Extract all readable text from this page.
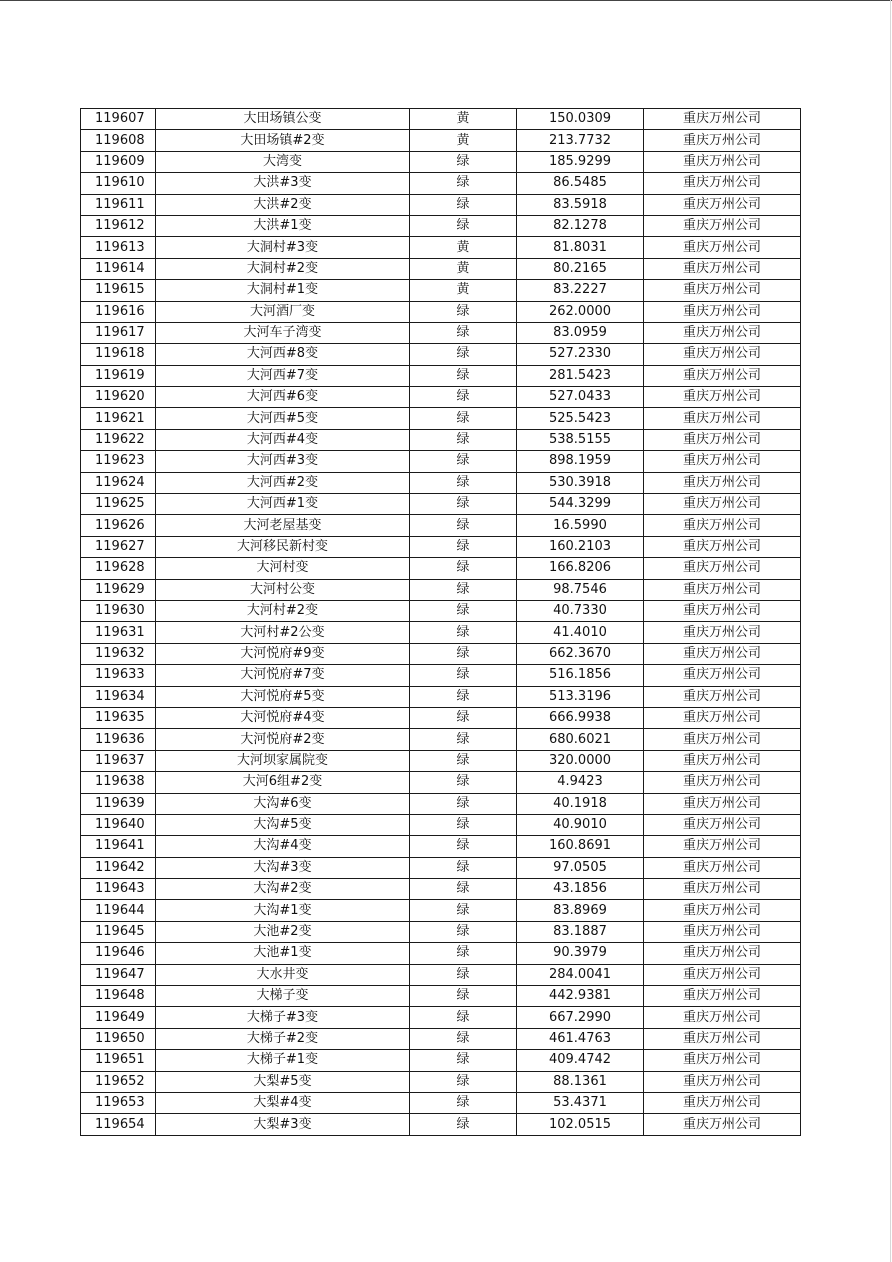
119607	大田场镇公变	黄	150.0309	重庆万州公司
119608	大田场镇#2变	黄	213.7732	重庆万州公司
119609	大湾变	绿	185.9299	重庆万州公司
119610	大洪#3变	绿	86.5485	重庆万州公司
119611	大洪#2变	绿	83.5918	重庆万州公司
119612	大洪#1变	绿	82.1278	重庆万州公司
119613	大洞村#3变	黄	81.8031	重庆万州公司
119614	大洞村#2变	黄	80.2165	重庆万州公司
119615	大洞村#1变	黄	83.2227	重庆万州公司
119616	大河酒厂变	绿	262.0000	重庆万州公司
119617	大河车子湾变	绿	83.0959	重庆万州公司
119618	大河西#8变	绿	527.2330	重庆万州公司
119619	大河西#7变	绿	281.5423	重庆万州公司
119620	大河西#6变	绿	527.0433	重庆万州公司
119621	大河西#5变	绿	525.5423	重庆万州公司
119622	大河西#4变	绿	538.5155	重庆万州公司
119623	大河西#3变	绿	898.1959	重庆万州公司
119624	大河西#2变	绿	530.3918	重庆万州公司
119625	大河西#1变	绿	544.3299	重庆万州公司
119626	大河老屋基变	绿	16.5990	重庆万州公司
119627	大河移民新村变	绿	160.2103	重庆万州公司
119628	大河村变	绿	166.8206	重庆万州公司
119629	大河村公变	绿	98.7546	重庆万州公司
119630	大河村#2变	绿	40.7330	重庆万州公司
119631	大河村#2公变	绿	41.4010	重庆万州公司
119632	大河悦府#9变	绿	662.3670	重庆万州公司
119633	大河悦府#7变	绿	516.1856	重庆万州公司
119634	大河悦府#5变	绿	513.3196	重庆万州公司
119635	大河悦府#4变	绿	666.9938	重庆万州公司
119636	大河悦府#2变	绿	680.6021	重庆万州公司
119637	大河坝家属院变	绿	320.0000	重庆万州公司
119638	大河6组#2变	绿	4.9423	重庆万州公司
119639	大沟#6变	绿	40.1918	重庆万州公司
119640	大沟#5变	绿	40.9010	重庆万州公司
119641	大沟#4变	绿	160.8691	重庆万州公司
119642	大沟#3变	绿	97.0505	重庆万州公司
119643	大沟#2变	绿	43.1856	重庆万州公司
119644	大沟#1变	绿	83.8969	重庆万州公司
119645	大池#2变	绿	83.1887	重庆万州公司
119646	大池#1变	绿	90.3979	重庆万州公司
119647	大水井变	绿	284.0041	重庆万州公司
119648	大梯子变	绿	442.9381	重庆万州公司
119649	大梯子#3变	绿	667.2990	重庆万州公司
119650	大梯子#2变	绿	461.4763	重庆万州公司
119651	大梯子#1变	绿	409.4742	重庆万州公司
119652	大梨#5变	绿	88.1361	重庆万州公司
119653	大梨#4变	绿	53.4371	重庆万州公司
119654	大梨#3变	绿	102.0515	重庆万州公司
